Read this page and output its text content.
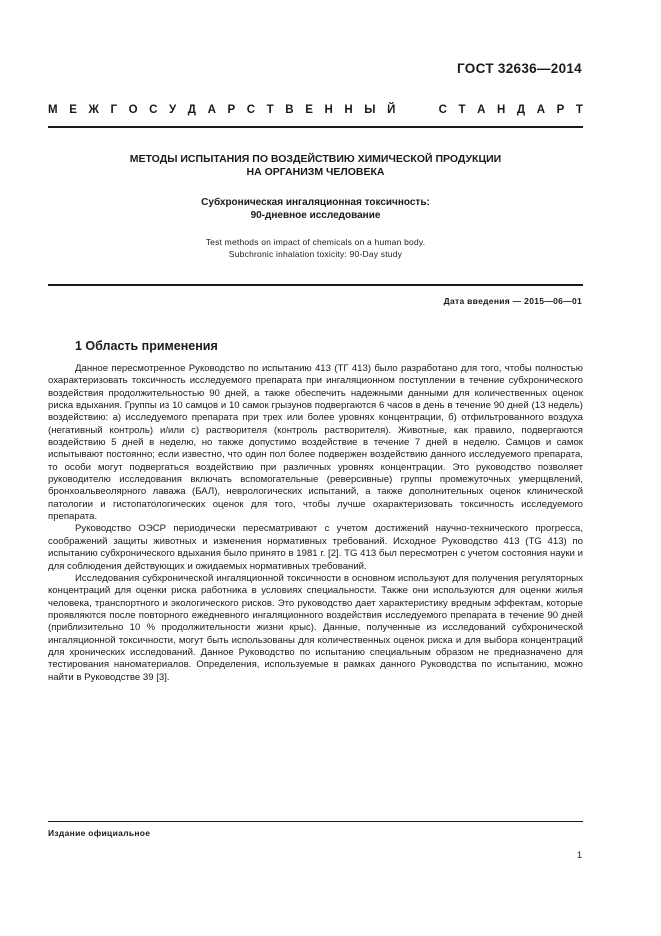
ГОСТ 32636—2014
М Е Ж Г О С У Д А Р С Т В Е Н Н Ы Й	С Т А Н Д А Р Т
МЕТОДЫ ИСПЫТАНИЯ ПО ВОЗДЕЙСТВИЮ ХИМИЧЕСКОЙ ПРОДУКЦИИ
НА ОРГАНИЗМ ЧЕЛОВЕКА
Субхроническая ингаляционная токсичность:
90-дневное исследование
Test methods on impact of chemicals on a human body.
Subchronic inhalation toxicity: 90-Day study
Дата введения — 2015—06—01
1 Область применения

Данное пересмотренное Руководство по испытанию 413 (ТГ 413) было разработано для того, чтобы полностью охарактеризовать токсичность исследуемого препарата при ингаляционном поступлении в течение субхронического воздействия продолжительностью 90 дней, а также обеспечить надежными данными для количественных оценок риска вдыхания. Группы из 10 самцов и 10 самок грызунов подвергаются 6 часов в день в течение 90 дней (13 недель) воздействию: а) исследуемого препарата при трех или более уровнях концентрации, б) отфильтрованного воздуха (негативный контроль) и/или с) растворителя (контроль растворителя). Животные, как правило, подвергаются воздействию 5 дней в неделю, но также допустимо воздействие в течение 7 дней в неделю. Самцов и самок испытывают постоянно; если известно, что один пол более подвержен воздействию данного исследуемого препарата, то особи могут подвергаться воздействию при различных уровнях концентрации. Это руководство позволяет руководителю исследования включать вспомогательные (реверсивные) группы промежуточных умерщвлений, бронхоальвеолярного лаважа (БАЛ), неврологических испытаний, а также дополнительных оценок клинической патологии и гистопатологических оценок для того, чтобы лучше охарактеризовать токсичность исследуемого препарата.

Руководство ОЭСР периодически пересматривают с учетом достижений научно-технического прогресса, соображений защиты животных и изменения нормативных требований. Исходное Руководство 413 (TG 413) по испытанию субхронического вдыхания было принято в 1981 г. [2]. TG 413 был пересмотрен с учетом состояния науки и для соблюдения действующих и ожидаемых нормативных требований.

Исследования субхронической ингаляционной токсичности в основном используют для получения регуляторных концентраций для оценки риска работника в условиях специальности. Также они используются для оценки жилья человека, транспортного и экологического рисков. Это руководство дает характеристику вредным эффектам, которые проявляются после повторного ежедневного ингаляционного воздействия исследуемого препарата в течение 90 дней (приблизительно 10 % продолжительности жизни крыс). Данные, полученные из исследований субхронической ингаляционной токсичности, могут быть использованы для количественных оценок риска и для выбора концентраций для хронических исследований. Данное Руководство по испытанию специальным образом не предназначено для тестирования наноматериалов. Определения, используемые в рамках данного Руководства по испытанию, можно найти в Руководстве 39 [3].

Издание официальное
1
